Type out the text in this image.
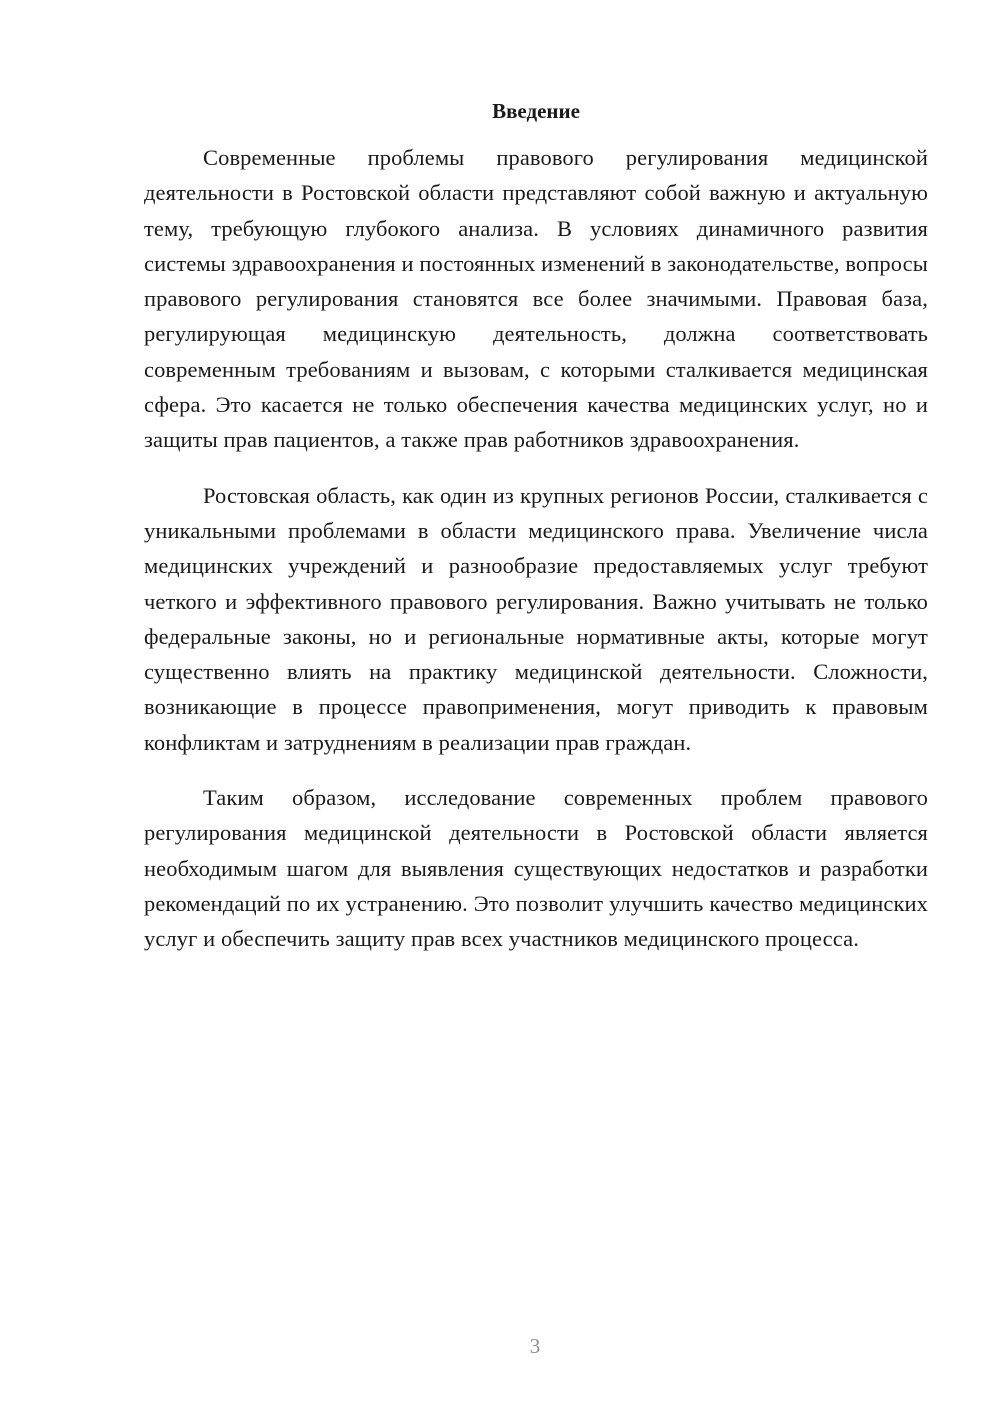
Введение

Современные проблемы правового регулирования медицинской деятельности в Ростовской области представляют собой важную и актуальную тему, требующую глубокого анализа. В условиях динамичного развития системы здравоохранения и постоянных изменений в законодательстве, вопросы правового регулирования становятся все более значимыми. Правовая база, регулирующая медицинскую деятельность, должна соответствовать современным требованиям и вызовам, с которыми сталкивается медицинская сфера. Это касается не только обеспечения качества медицинских услуг, но и защиты прав пациентов, а также прав работников здравоохранения.

Ростовская область, как один из крупных регионов России, сталкивается с уникальными проблемами в области медицинского права. Увеличение числа медицинских учреждений и разнообразие предоставляемых услуг требуют четкого и эффективного правового регулирования. Важно учитывать не только федеральные законы, но и региональные нормативные акты, которые могут существенно влиять на практику медицинской деятельности. Сложности, возникающие в процессе правоприменения, могут приводить к правовым конфликтам и затруднениям в реализации прав граждан.

Таким образом, исследование современных проблем правового регулирования медицинской деятельности в Ростовской области является необходимым шагом для выявления существующих недостатков и разработки рекомендаций по их устранению. Это позволит улучшить качество медицинских услуг и обеспечить защиту прав всех участников медицинского процесса.

3
